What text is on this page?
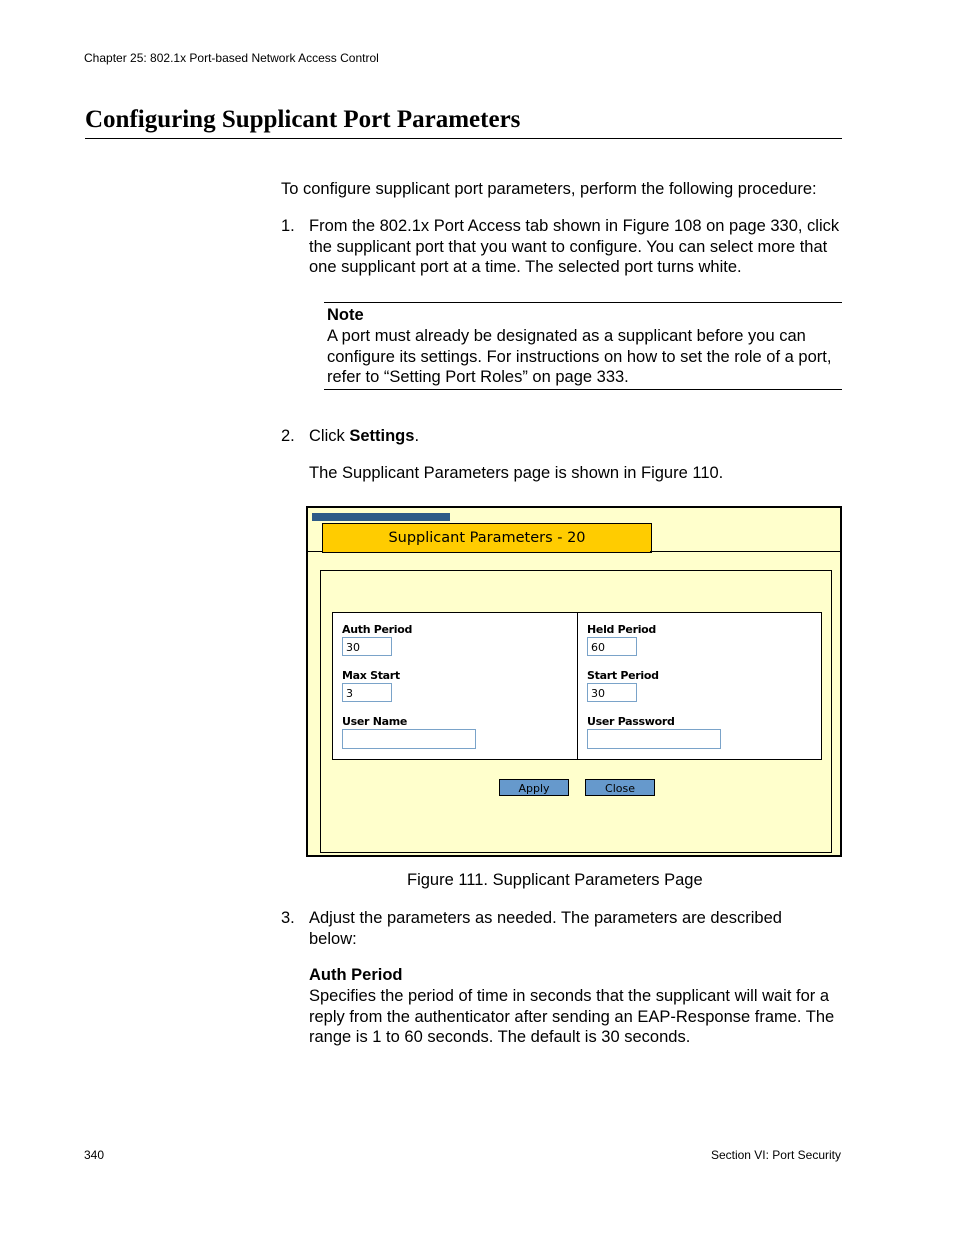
Chapter 25: 802.1x Port-based Network Access Control
Configuring Supplicant Port Parameters
To configure supplicant port parameters, perform the following procedure:
1. From the 802.1x Port Access tab shown in Figure 108 on page 330, click the supplicant port that you want to configure. You can select more that one supplicant port at a time. The selected port turns white.
Note
A port must already be designated as a supplicant before you can configure its settings. For instructions on how to set the role of a port, refer to “Setting Port Roles” on page 333.
2. Click Settings.
The Supplicant Parameters page is shown in Figure 110.
Supplicant Parameters - 20
Auth Period
30
Max Start
3
User Name
Held Period
60
Start Period
30
User Password
Apply	Close
Figure 111. Supplicant Parameters Page
3. Adjust the parameters as needed. The parameters are described below:
Auth Period
Specifies the period of time in seconds that the supplicant will wait for a reply from the authenticator after sending an EAP-Response frame. The range is 1 to 60 seconds. The default is 30 seconds.
340	Section VI: Port Security
